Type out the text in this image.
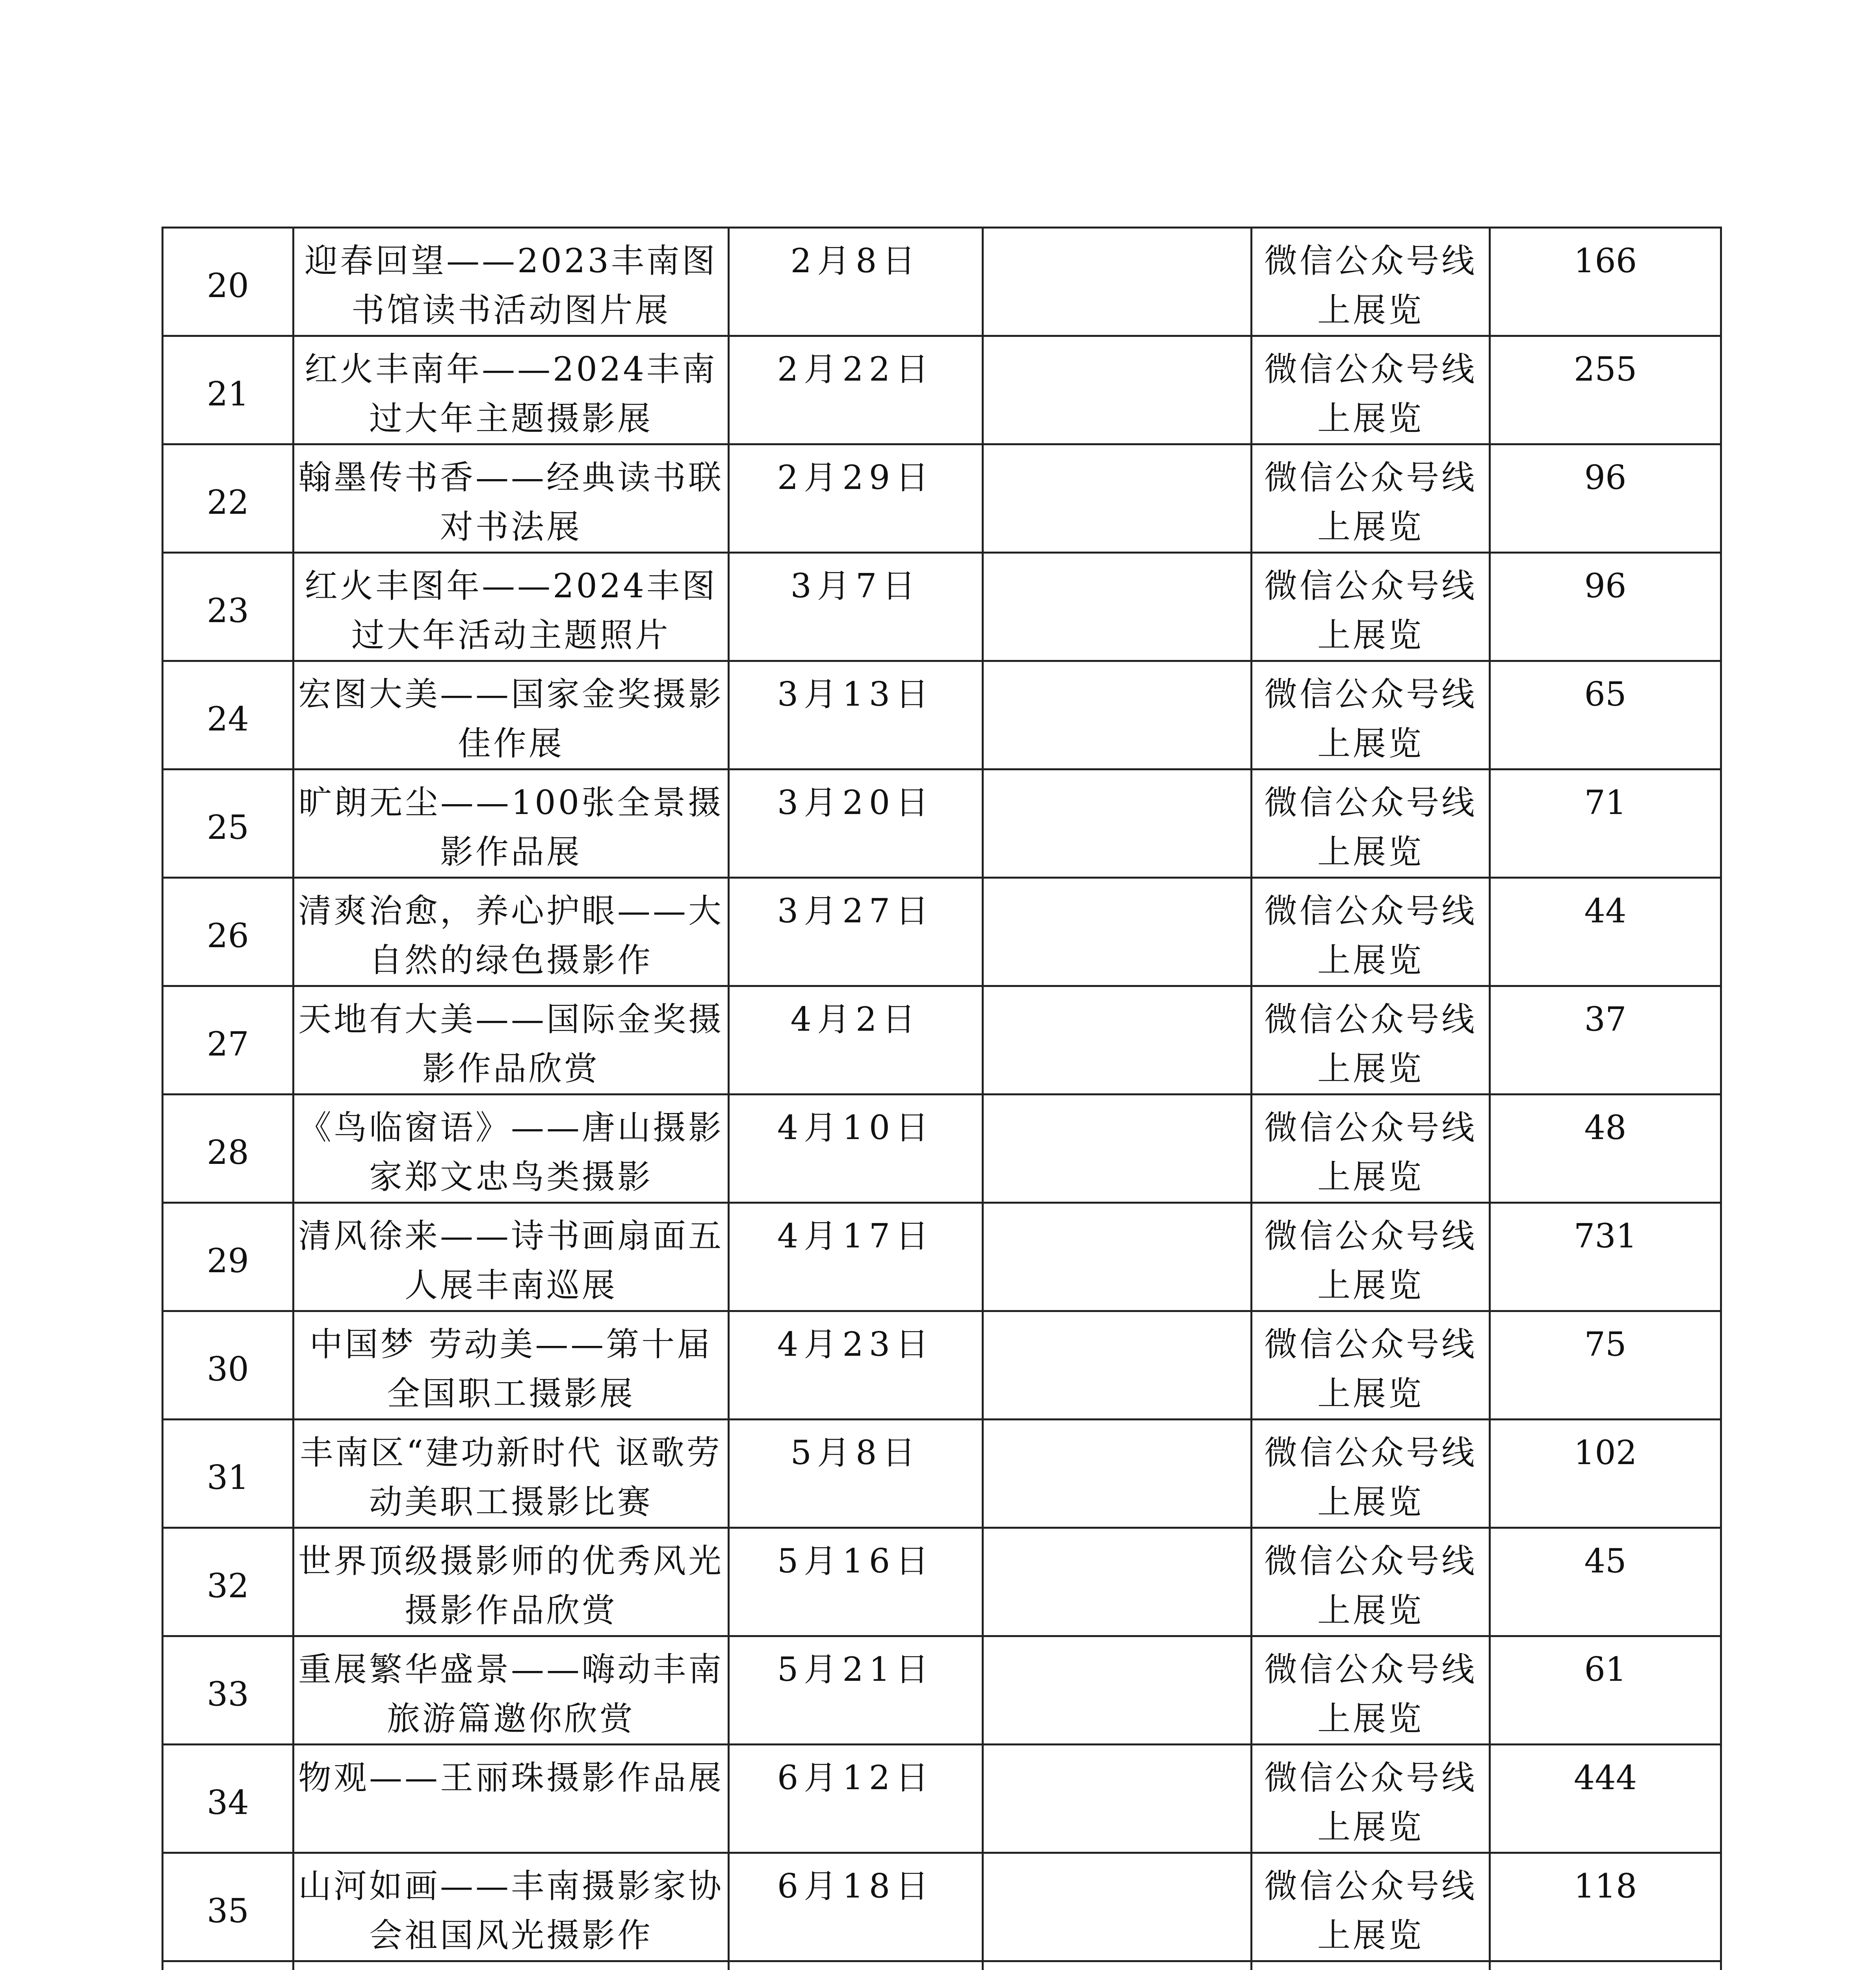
20	迎春回望——2023丰南图书馆读书活动图片展	2月8日		微信公众号线上展览	166

21	红火丰南年——2024丰南过大年主题摄影展	2月22日		微信公众号线上展览	255

22	翰墨传书香——经典读书联对书法展	2月29日		微信公众号线上展览	96

23	红火丰图年——2024丰图过大年活动主题照片	3月7日		微信公众号线上展览	96

24	宏图大美——国家金奖摄影佳作展	3月13日		微信公众号线上展览	65

25	旷朗无尘——100张全景摄影作品展	3月20日		微信公众号线上展览	71

26	清爽治愈，养心护眼——大自然的绿色摄影作	3月27日		微信公众号线上展览	44

27	天地有大美——国际金奖摄影作品欣赏	4月2日		微信公众号线上展览	37

28	《鸟临窗语》——唐山摄影家郑文忠鸟类摄影	4月10日		微信公众号线上展览	48

29	清风徐来——诗书画扇面五人展丰南巡展	4月17日		微信公众号线上展览	731

30	中国梦 劳动美——第十届全国职工摄影展	4月23日		微信公众号线上展览	75

31	丰南区“建功新时代 讴歌劳动美职工摄影比赛	5月8日		微信公众号线上展览	102

32	世界顶级摄影师的优秀风光摄影作品欣赏	5月16日		微信公众号线上展览	45

33	重展繁华盛景——嗨动丰南旅游篇邀你欣赏	5月21日		微信公众号线上展览	61

34	物观——王丽珠摄影作品展	6月12日		微信公众号线上展览	444

35	山河如画——丰南摄影家协会祖国风光摄影作	6月18日		微信公众号线上展览	118
